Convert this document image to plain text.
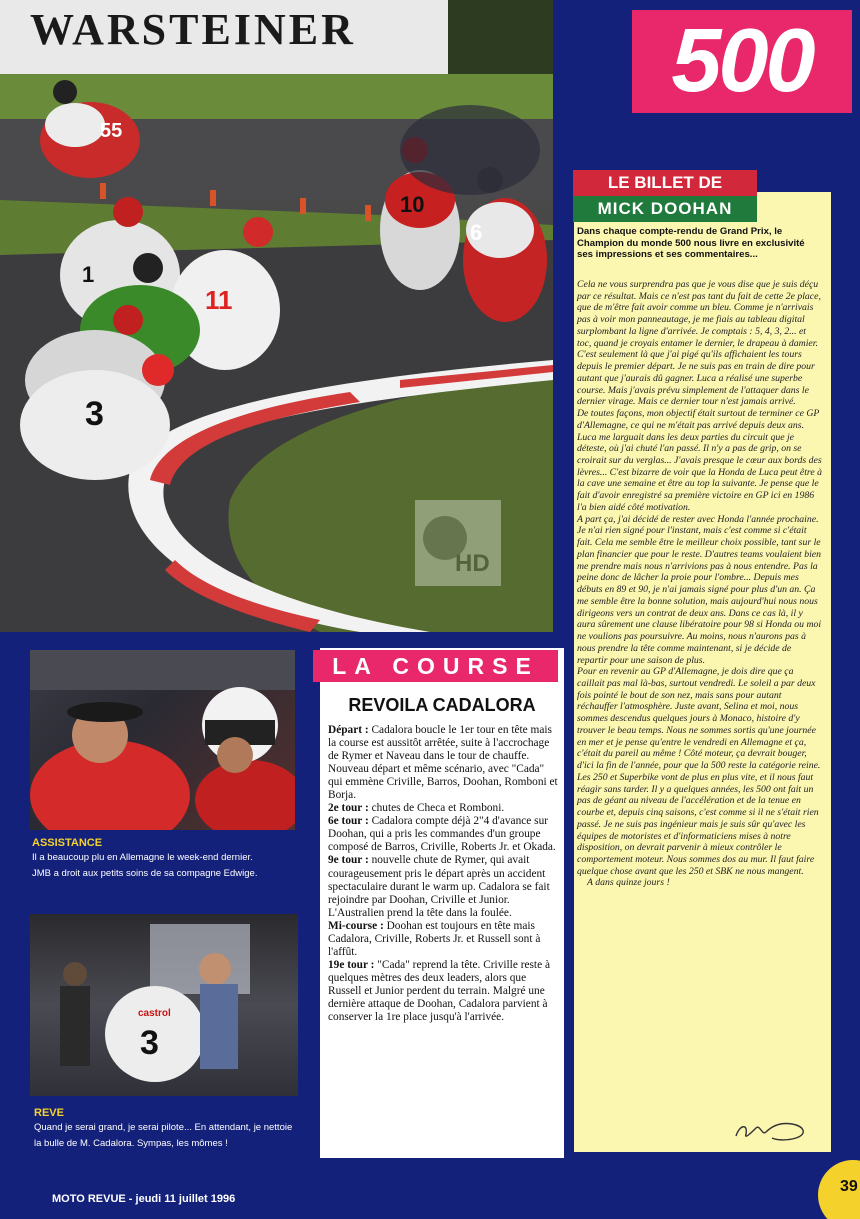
WARSTEINER
55
10
6
1
11
3
HD
500
LE BILLET DE
MICK DOOHAN
Dans chaque compte-rendu de Grand Prix, le Champion du monde 500 nous livre en exclusivité ses impressions et ses commentaires...

Cela ne vous surprendra pas que je vous dise que je suis déçu par ce résultat. Mais ce n'est pas tant du fait de cette 2e place, que de m'être fait avoir comme un bleu. Comme je n'arrivais pas à voir mon panneautage, je me fiais au tableau digital surplombant la ligne d'arrivée. Je comptais : 5, 4, 3, 2... et toc, quand je croyais entamer le dernier, le drapeau à damier. C'est seulement là que j'ai pigé qu'ils affichaient les tours depuis le premier départ. Je ne suis pas en train de dire pour autant que j'aurais dû gagner. Luca a réalisé une superbe course. Mais j'avais prévu simplement de l'attaquer dans le dernier virage. Mais ce dernier tour n'est jamais arrivé.

De toutes façons, mon objectif était surtout de terminer ce GP d'Allemagne, ce qui ne m'était pas arrivé depuis deux ans. Luca me larguait dans les deux parties du circuit que je déteste, où j'ai chuté l'an passé. Il n'y a pas de grip, on se croirait sur du verglas... J'avais presque le cœur aux bords des lèvres... C'est bizarre de voir que la Honda de Luca peut être à la cave une semaine et être au top la suivante. Je pense que le fait d'avoir enregistré sa première victoire en GP ici en 1986 l'a bien aidé côté motivation.

A part ça, j'ai décidé de rester avec Honda l'année prochaine. Je n'ai rien signé pour l'instant, mais c'est comme si c'était fait. Cela me semble être le meilleur choix possible, tant sur le plan financier que pour le reste. D'autres teams voulaient bien me prendre mais nous n'arrivions pas à nous entendre. Pas la peine donc de lâcher la proie pour l'ombre... Depuis mes débuts en 89 et 90, je n'ai jamais signé pour plus d'un an. Ça me semble être la bonne solution, mais aujourd'hui nous nous dirigeons vers un contrat de deux ans. Dans ce cas là, il y aura sûrement une clause libératoire pour 98 si Honda ou moi ne voulions pas poursuivre. Au moins, nous n'aurons pas à nous prendre la tête comme maintenant, si je décide de repartir pour une saison de plus.

Pour en revenir au GP d'Allemagne, je dois dire que ça caillait pas mal là-bas, surtout vendredi. Le soleil a par deux fois pointé le bout de son nez, mais sans pour autant réchauffer l'atmosphère. Juste avant, Selina et moi, nous sommes descendus quelques jours à Monaco, histoire d'y trouver le beau temps. Nous ne sommes sortis qu'une journée en mer et je pense qu'entre le vendredi en Allemagne et ça, c'était du pareil au même ! Côté moteur, ça devrait bouger, d'ici la fin de l'année, pour que la 500 reste la catégorie reine. Les 250 et Superbike vont de plus en plus vite, et il nous faut réagir sans tarder. Il y a quelques années, les 500 ont fait un pas de géant au niveau de l'accélération et de la tenue en courbe et, depuis cinq saisons, c'est comme si il ne s'était rien passé. Je ne suis pas ingénieur mais je suis sûr qu'avec les équipes de motoristes et d'informaticiens mises à notre disposition, on devrait parvenir à mieux contrôler le comportement moteur. Nous sommes dos au mur. Il faut faire quelque chose avant que les 250 et SBK ne nous mangent.

A dans quinze jours !

ASSISTANCE
Il a beaucoup plu en Allemagne le week-end dernier. JMB a droit aux petits soins de sa compagne Edwige.
castrol
3
REVE
Quand je serai grand, je serai pilote... En attendant, je nettoie la bulle de M. Cadalora. Sympas, les mômes !
LA COURSE
REVOILA CADALORA
Départ : Cadalora boucle le 1er tour en tête mais la course est aussitôt arrêtée, suite à l'accrochage de Rymer et Naveau dans le tour de chauffe. Nouveau départ et même scénario, avec "Cada" qui emmène Criville, Barros, Doohan, Romboni et Borja.
2e tour : chutes de Checa et Romboni.
6e tour : Cadalora compte déjà 2"4 d'avance sur Doohan, qui a pris les commandes d'un groupe composé de Barros, Criville, Roberts Jr. et Okada.
9e tour : nouvelle chute de Rymer, qui avait courageusement pris le départ après un accident spectaculaire durant le warm up. Cadalora se fait rejoindre par Doohan, Criville et Junior. L'Australien prend la tête dans la foulée.
Mi-course : Doohan est toujours en tête mais Cadalora, Criville, Roberts Jr. et Russell sont à l'affût.
19e tour : "Cada" reprend la tête. Criville reste à quelques mètres des deux leaders, alors que Russell et Junior perdent du terrain. Malgré une dernière attaque de Doohan, Cadalora parvient à conserver la 1re place jusqu'à l'arrivée.
MOTO REVUE - jeudi 11 juillet 1996
39
